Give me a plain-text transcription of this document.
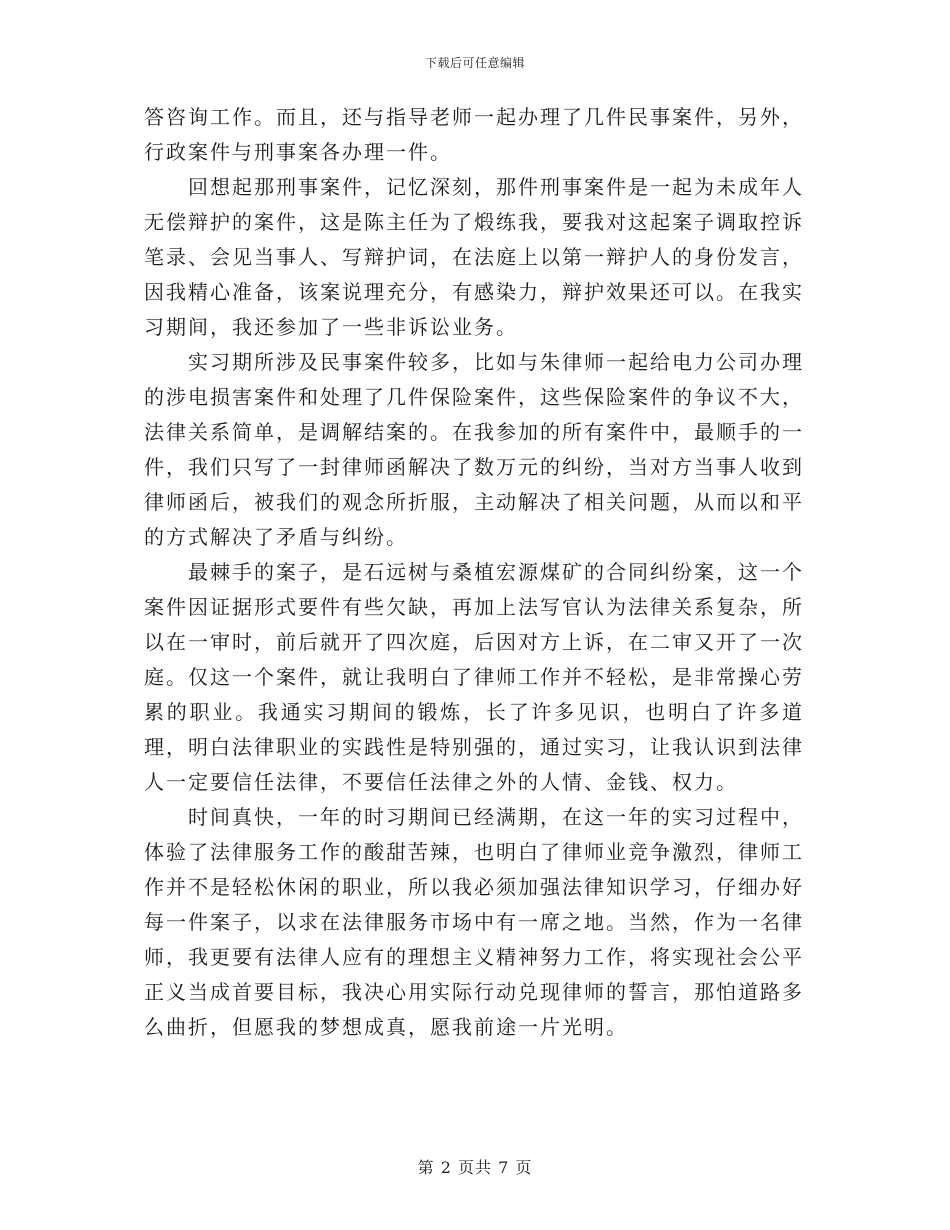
下载后可任意编辑

答咨询工作。而且，还与指导老师一起办理了几件民事案件，另外，行政案件与刑事案各办理一件。

回想起那刑事案件，记忆深刻，那件刑事案件是一起为未成年人无偿辩护的案件，这是陈主任为了煅练我，要我对这起案子调取控诉笔录、会见当事人、写辩护词，在法庭上以第一辩护人的身份发言，因我精心准备，该案说理充分，有感染力，辩护效果还可以。在我实习期间，我还参加了一些非诉讼业务。

实习期所涉及民事案件较多，比如与朱律师一起给电力公司办理的涉电损害案件和处理了几件保险案件，这些保险案件的争议不大，法律关系简单，是调解结案的。在我参加的所有案件中，最顺手的一件，我们只写了一封律师函解决了数万元的纠纷，当对方当事人收到律师函后，被我们的观念所折服，主动解决了相关问题，从而以和平的方式解决了矛盾与纠纷。

最棘手的案子，是石远树与桑植宏源煤矿的合同纠纷案，这一个案件因证据形式要件有些欠缺，再加上法写官认为法律关系复杂，所以在一审时，前后就开了四次庭，后因对方上诉，在二审又开了一次庭。仅这一个案件，就让我明白了律师工作并不轻松，是非常操心劳累的职业。我通实习期间的锻炼，长了许多见识，也明白了许多道理，明白法律职业的实践性是特别强的，通过实习，让我认识到法律人一定要信任法律，不要信任法律之外的人情、金钱、权力。

时间真快，一年的时习期间已经满期，在这一年的实习过程中，体验了法律服务工作的酸甜苦辣，也明白了律师业竞争激烈，律师工作并不是轻松休闲的职业，所以我必须加强法律知识学习，仔细办好每一件案子，以求在法律服务市场中有一席之地。当然，作为一名律师，我更要有法律人应有的理想主义精神努力工作，将实现社会公平正义当成首要目标，我决心用实际行动兑现律师的誓言，那怕道路多么曲折，但愿我的梦想成真，愿我前途一片光明。

第 2 页共 7 页
